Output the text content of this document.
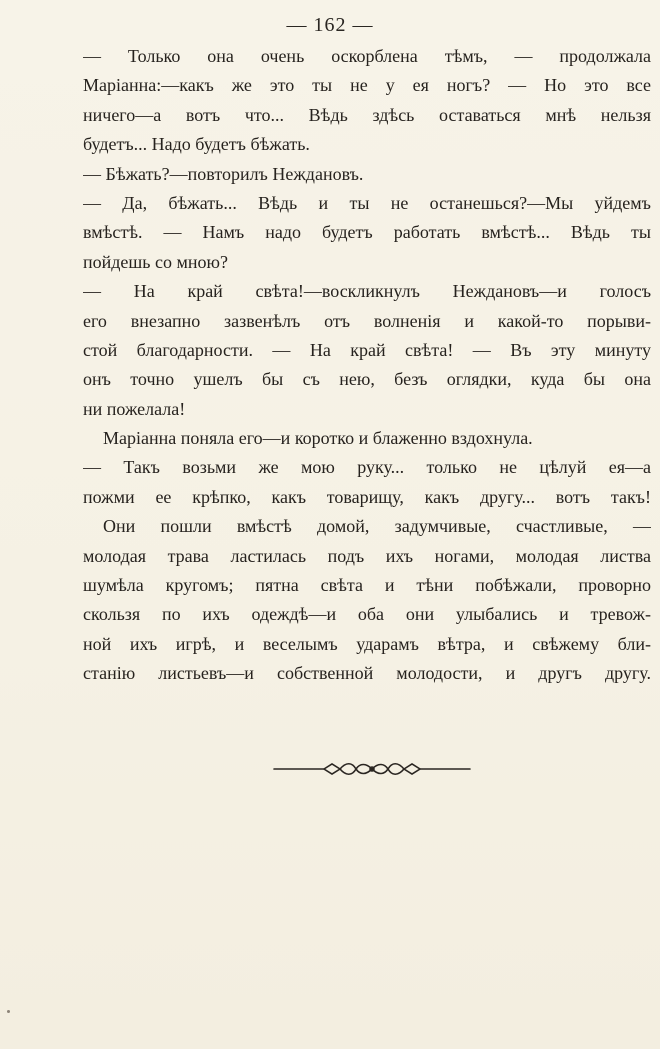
— 162 —

— Только она очень оскорблена тѣмъ, — продолжала
Маріанна:—какъ же это ты не у ея ногъ? — Но это все
ничего—а вотъ что... Вѣдь здѣсь оставаться мнѣ нельзя
будетъ... Надо будетъ бѣжать.

— Бѣжать?—повторилъ Неждановъ.

— Да, бѣжать... Вѣдь и ты не останешься?—Мы уйдемъ
вмѣстѣ. — Намъ надо будетъ работать вмѣстѣ... Вѣдь ты
пойдешь со мною?

— На край свѣта!—воскликнулъ Неждановъ—и голосъ
его внезапно зазвенѣлъ отъ волненія и какой-то порыви-
стой благодарности. — На край свѣта! — Въ эту минуту
онъ точно ушелъ бы съ нею, безъ оглядки, куда бы она
ни пожелала!

Маріанна поняла его—и коротко и блаженно вздохнула.

— Такъ возьми же мою руку... только не цѣлуй ея—а
пожми ее крѣпко, какъ товарищу, какъ другу... вотъ такъ!

Они пошли вмѣстѣ домой, задумчивые, счастливые, —
молодая трава ластилась подъ ихъ ногами, молодая листва
шумѣла кругомъ; пятна свѣта и тѣни побѣжали, проворно
скользя по ихъ одеждѣ—и оба они улыбались и тревож-
ной ихъ игрѣ, и веселымъ ударамъ вѣтра, и свѣжему бли-
станію листьевъ—и собственной молодости, и другъ другу.
